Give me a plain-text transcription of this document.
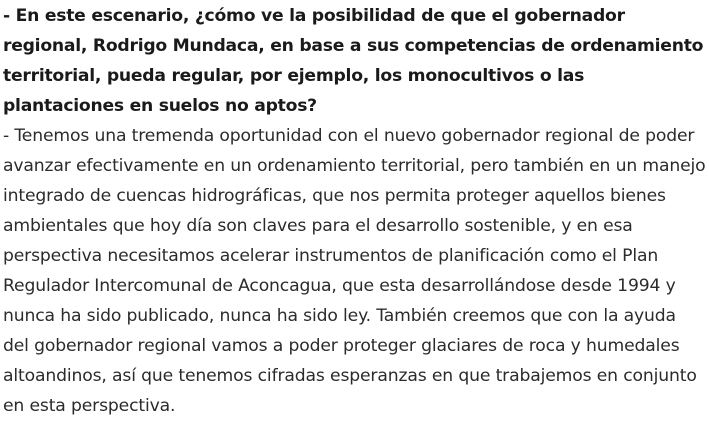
- En este escenario, ¿cómo ve la posibilidad de que el gobernador regional, Rodrigo Mundaca, en base a sus competencias de ordenamiento territorial, pueda regular, por ejemplo, los monocultivos o las plantaciones en suelos no aptos?

- Tenemos una tremenda oportunidad con el nuevo gobernador regional de poder avanzar efectivamente en un ordenamiento territorial, pero también en un manejo integrado de cuencas hidrográficas, que nos permita proteger aquellos bienes ambientales que hoy día son claves para el desarrollo sostenible, y en esa perspectiva necesitamos acelerar instrumentos de planificación como el Plan Regulador Intercomunal de Aconcagua, que esta desarrollándose desde 1994 y nunca ha sido publicado, nunca ha sido ley. También creemos que con la ayuda del gobernador regional vamos a poder proteger glaciares de roca y humedales altoandinos, así que tenemos cifradas esperanzas en que trabajemos en conjunto en esta perspectiva.
